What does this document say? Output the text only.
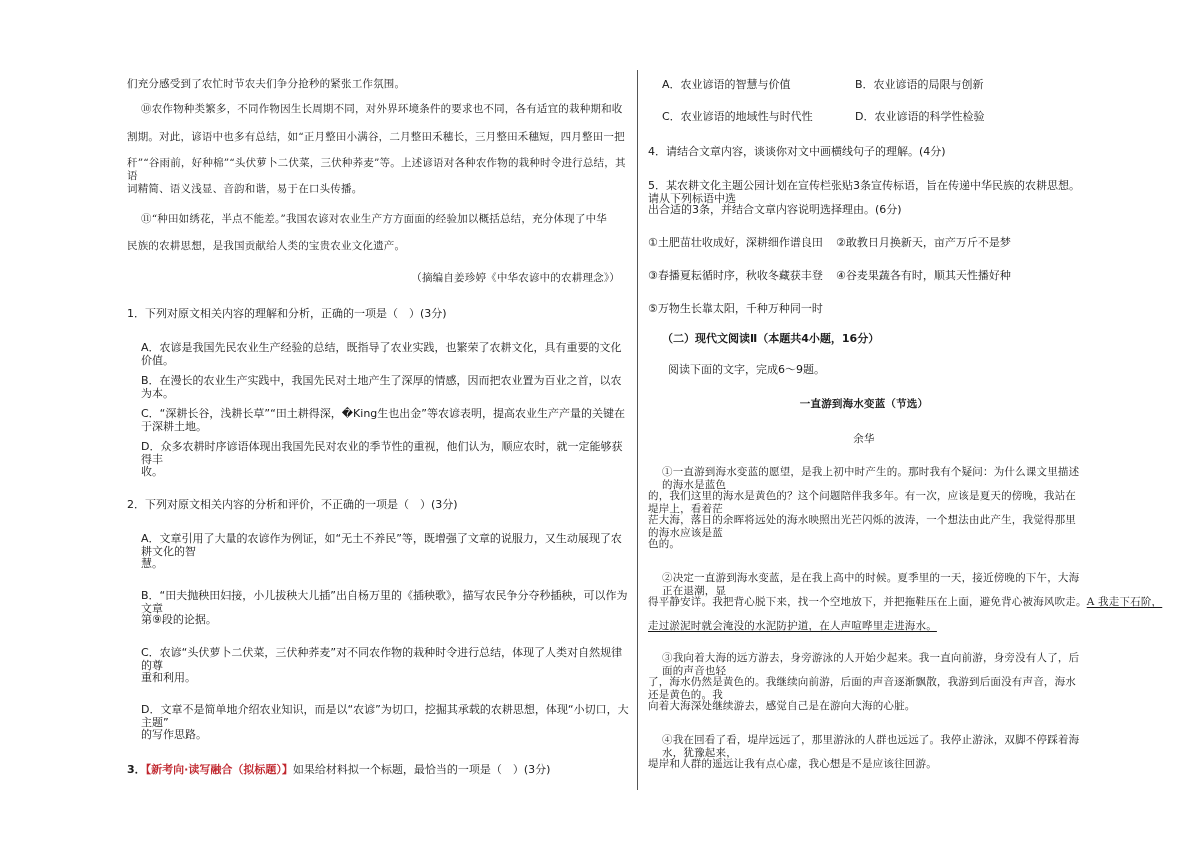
们充分感受到了农忙时节农夫们争分抢秒的紧张工作氛围。

⑩农作物种类繁多，不同作物因生长周期不同，对外界环境条件的要求也不同，各有适宜的栽种期和收

割期。对此，谚语中也多有总结，如“正月整田小满谷，二月整田禾穗长，三月整田禾穗短，四月整田一把

秆”“谷雨前，好种棉”“头伏萝卜二伏菜，三伏种荞麦”等。上述谚语对各种农作物的栽种时令进行总结，其语

词精简、语义浅显、音韵和谐，易于在口头传播。

⑪“种田如绣花，半点不能差。”我国农谚对农业生产方方面面的经验加以概括总结，充分体现了中华

民族的农耕思想，是我国贡献给人类的宝贵农业文化遗产。

（摘编自姜珍婷《中华农谚中的农耕理念》）

1．下列对原文相关内容的理解和分析，正确的一项是（　）(3分)

A．农谚是我国先民农业生产经验的总结，既指导了农业实践，也繁荣了农耕文化，具有重要的文化价值。

B．在漫长的农业生产实践中，我国先民对土地产生了深厚的情感，因而把农业置为百业之首，以农为本。

C．“深耕长谷，浅耕长草”“田土耕得深，�King生也出金”等农谚表明，提高农业生产产量的关键在于深耕土地。

D．众多农耕时序谚语体现出我国先民对农业的季节性的重视，他们认为，顺应农时，就一定能够获得丰

收。

2．下列对原文相关内容的分析和评价，不正确的一项是（　）(3分)

A．文章引用了大量的农谚作为例证，如“无土不养民”等，既增强了文章的说服力，又生动展现了农耕文化的智

慧。

B．“田夫抛秧田妇接，小儿拔秧大儿插”出自杨万里的《插秧歌》，描写农民争分夺秒插秧，可以作为文章

第⑨段的论据。

C．农谚“头伏萝卜二伏菜，三伏种荞麦”对不同农作物的栽种时令进行总结，体现了人类对自然规律的尊

重和利用。

D．文章不是简单地介绍农业知识，而是以“农谚”为切口，挖掘其承载的农耕思想，体现“小切口，大主题”

的写作思路。

3．【新考向·读写融合（拟标题）】如果给材料拟一个标题，最恰当的一项是（　）(3分)

A．农业谚语的智慧与价值	B．农业谚语的局限与创新

C．农业谚语的地域性与时代性	D．农业谚语的科学性检验

4．请结合文章内容，谈谈你对文中画横线句子的理解。(4分)

5．某农耕文化主题公园计划在宣传栏张贴3条宣传标语，旨在传递中华民族的农耕思想。请从下列标语中选

出合适的3条，并结合文章内容说明选择理由。(6分)

①土肥苗壮收成好，深耕细作谱良田	②敢教日月换新天，亩产万斤不是梦

③春播夏耘循时序，秋收冬藏获丰登	④谷麦果蔬各有时，顺其天性播好种

⑤万物生长靠太阳，千种万种同一时

（二）现代文阅读Ⅱ（本题共4小题，16分）

阅读下面的文字，完成6～9题。

一直游到海水变蓝（节选）

余华

①一直游到海水变蓝的愿望，是我上初中时产生的。那时我有个疑问：为什么课文里描述的海水是蓝色

的，我们这里的海水是黄色的？这个问题陪伴我多年。有一次，应该是夏天的傍晚，我站在堤岸上，看着茫

茫大海，落日的余晖将远处的海水映照出光芒闪烁的波涛，一个想法由此产生，我觉得那里的海水应该是蓝

色的。

②决定一直游到海水变蓝，是在我上高中的时候。夏季里的一天，接近傍晚的下午，大海正在退潮，显

得平静安详。我把背心脱下来，找一个空地放下，并把拖鞋压在上面，避免背心被海风吹走。A 我走下石阶，

走过淤泥时就会淹没的水泥防护道，在人声喧哗里走进海水。

③我向着大海的远方游去，身旁游泳的人开始少起来。我一直向前游，身旁没有人了，后面的声音也轻

了，海水仍然是黄色的。我继续向前游，后面的声音逐渐飘散，我游到后面没有声音，海水还是黄色的。我

向着大海深处继续游去，感觉自己是在游向大海的心脏。

④我在回看了看，堤岸远远了，那里游泳的人群也远远了。我停止游泳，双脚不停踩着海水，犹豫起来，

堤岸和人群的遥远让我有点心虚，我心想是不是应该往回游。
